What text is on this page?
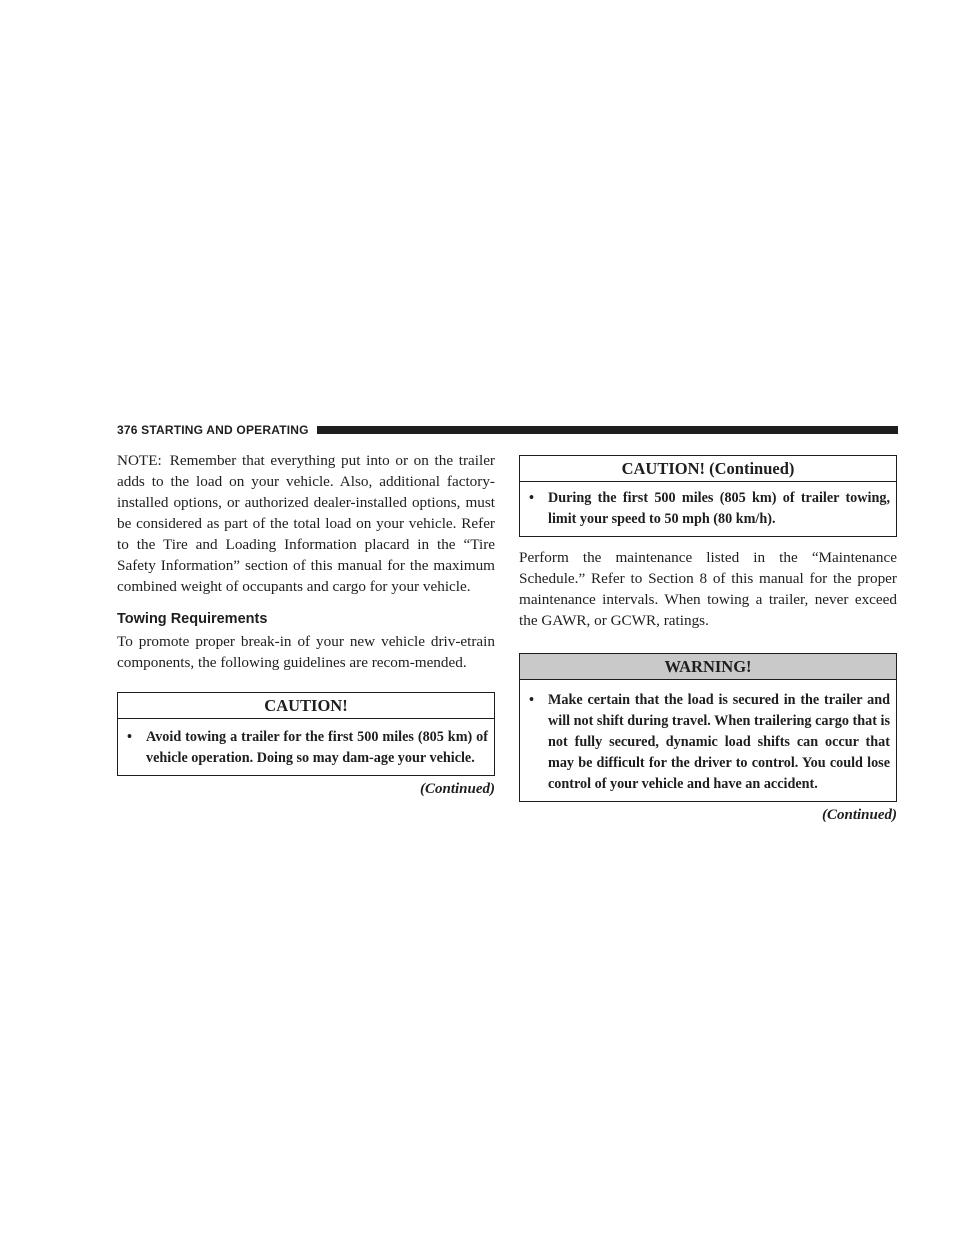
376 STARTING AND OPERATING

NOTE: Remember that everything put into or on the trailer adds to the load on your vehicle. Also, additional factory-installed options, or authorized dealer-installed options, must be considered as part of the total load on your vehicle. Refer to the Tire and Loading Information placard in the “Tire Safety Information” section of this manual for the maximum combined weight of occupants and cargo for your vehicle.

Towing Requirements

To promote proper break-in of your new vehicle driv-etrain components, the following guidelines are recom-mended.

CAUTION!
• Avoid towing a trailer for the first 500 miles (805 km) of vehicle operation. Doing so may dam-age your vehicle.
(Continued)
CAUTION! (Continued)
• During the first 500 miles (805 km) of trailer towing, limit your speed to 50 mph (80 km/h).

Perform the maintenance listed in the “Maintenance Schedule.” Refer to Section 8 of this manual for the proper maintenance intervals. When towing a trailer, never exceed the GAWR, or GCWR, ratings.

WARNING!
• Make certain that the load is secured in the trailer and will not shift during travel. When trailering cargo that is not fully secured, dynamic load shifts can occur that may be difficult for the driver to control. You could lose control of your vehicle and have an accident.
(Continued)
